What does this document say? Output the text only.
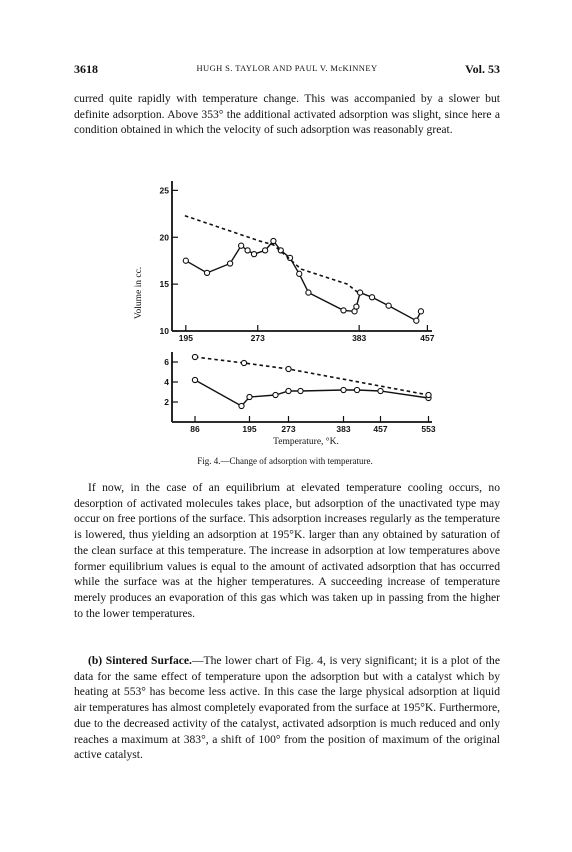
3618	HUGH S. TAYLOR AND PAUL V. McKINNEY	Vol. 53

curred quite rapidly with temperature change. This was accompanied by a slower but definite adsorption. Above 353° the additional activated adsorption was slight, since here a condition obtained in which the velocity of such adsorption was reasonably great.

10
15
20
25
195	273	383	457
2
4
6
86	195	273	383	457	553
Volume in cc.
Temperature, °K.
Fig. 4.—Change of adsorption with temperature.

If now, in the case of an equilibrium at elevated temperature cooling occurs, no desorption of activated molecules takes place, but adsorption of the unactivated type may occur on free portions of the surface. This adsorption increases regularly as the temperature is lowered, thus yielding an adsorption at 195°K. larger than any obtained by saturation of the clean surface at this temperature. The increase in adsorption at low temperatures above former equilibrium values is equal to the amount of activated adsorption that has occurred while the surface was at the higher temperatures. A succeeding increase of temperature merely produces an evaporation of this gas which was taken up in passing from the higher to the lower temperatures.

(b) Sintered Surface.—The lower chart of Fig. 4, is very significant; it is a plot of the data for the same effect of temperature upon the adsorption but with a catalyst which by heating at 553° has become less active. In this case the large physical adsorption at liquid air temperatures has almost completely evaporated from the surface at 195°K. Furthermore, due to the decreased activity of the catalyst, activated adsorption is much reduced and only reaches a maximum at 383°, a shift of 100° from the position of maximum of the original active catalyst.
